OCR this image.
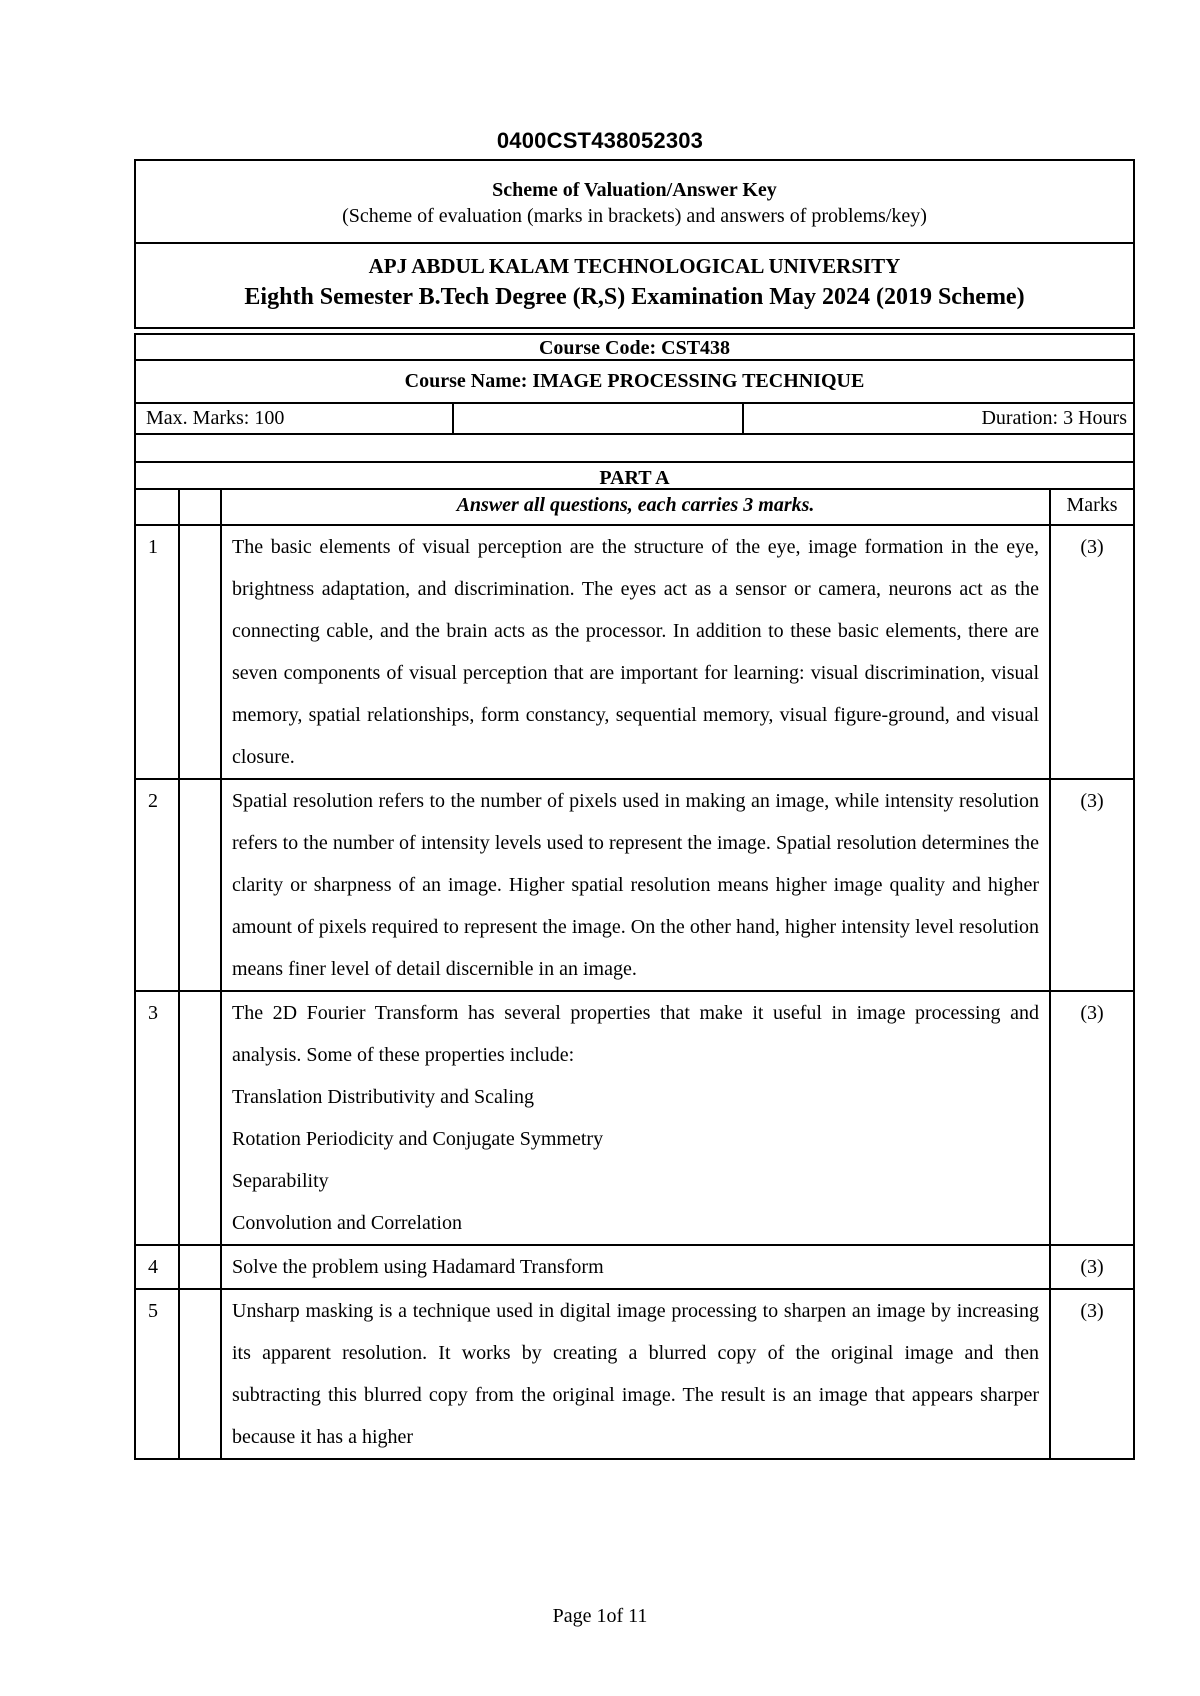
0400CST438052303
Scheme of Valuation/Answer Key
(Scheme of evaluation (marks in brackets) and answers of problems/key)
APJ ABDUL KALAM TECHNOLOGICAL UNIVERSITY
Eighth Semester B.Tech Degree (R,S) Examination May 2024 (2019 Scheme)
Course Code: CST438
Course Name: IMAGE PROCESSING TECHNIQUE
Max. Marks: 100	Duration: 3 Hours
PART A
		Answer all questions, each carries 3 marks.	Marks
1		The basic elements of visual perception are the structure of the eye, image formation in the eye, brightness adaptation, and discrimination. The eyes act as a sensor or camera, neurons act as the connecting cable, and the brain acts as the processor. In addition to these basic elements, there are seven components of visual perception that are important for learning: visual discrimination, visual memory, spatial relationships, form constancy, sequential memory, visual figure-ground, and visual closure.	(3)
2		Spatial resolution refers to the number of pixels used in making an image, while intensity resolution refers to the number of intensity levels used to represent the image. Spatial resolution determines the clarity or sharpness of an image. Higher spatial resolution means higher image quality and higher amount of pixels required to represent the image. On the other hand, higher intensity level resolution means finer level of detail discernible in an image.	(3)
3		The 2D Fourier Transform has several properties that make it useful in image processing and analysis. Some of these properties include:
Translation Distributivity and Scaling
Rotation Periodicity and Conjugate Symmetry
Separability
Convolution and Correlation	(3)
4		Solve the problem using Hadamard Transform	(3)
5		Unsharp masking is a technique used in digital image processing to sharpen an image by increasing its apparent resolution. It works by creating a blurred copy of the original image and then subtracting this blurred copy from the original image. The result is an image that appears sharper because it has a higher	(3)
Page 1of 11
